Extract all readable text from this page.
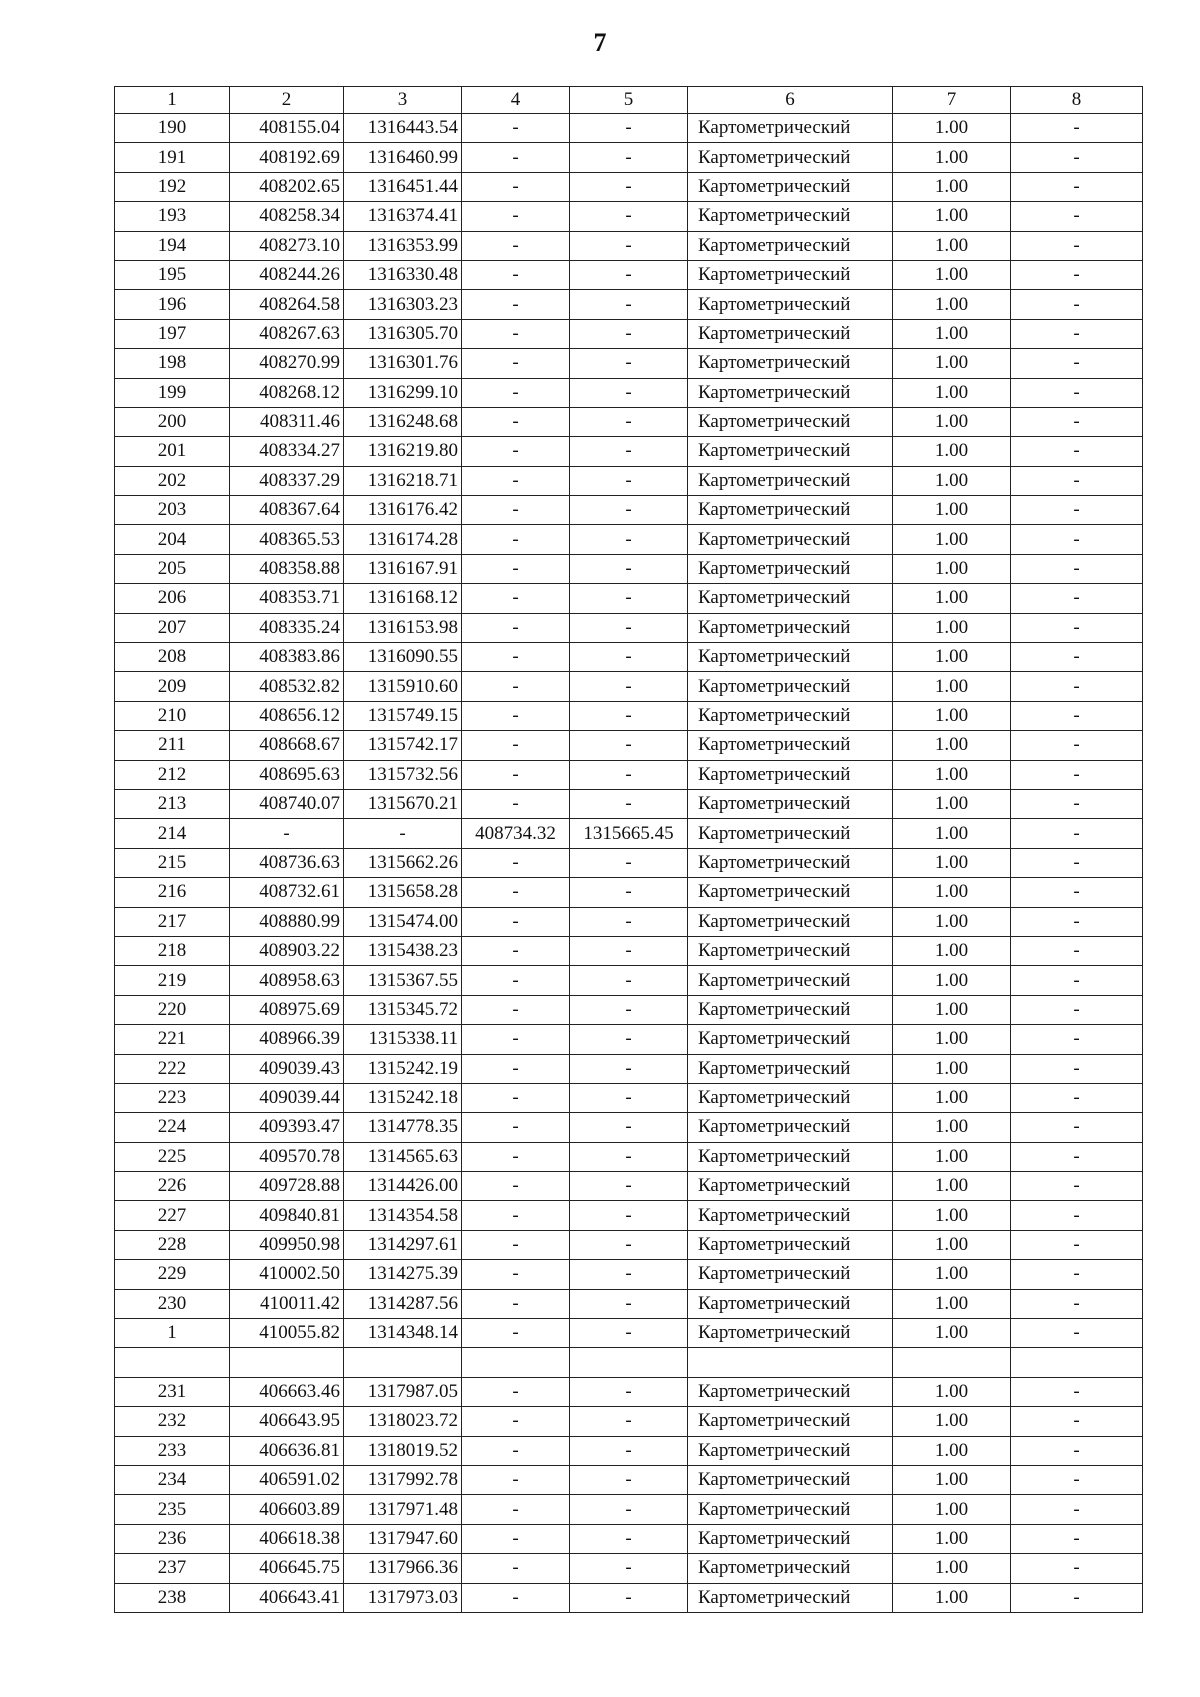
7
1	2	3	4	5	6	7	8
190	408155.04	1316443.54	-	-	Картометрический	1.00	-
191	408192.69	1316460.99	-	-	Картометрический	1.00	-
192	408202.65	1316451.44	-	-	Картометрический	1.00	-
193	408258.34	1316374.41	-	-	Картометрический	1.00	-
194	408273.10	1316353.99	-	-	Картометрический	1.00	-
195	408244.26	1316330.48	-	-	Картометрический	1.00	-
196	408264.58	1316303.23	-	-	Картометрический	1.00	-
197	408267.63	1316305.70	-	-	Картометрический	1.00	-
198	408270.99	1316301.76	-	-	Картометрический	1.00	-
199	408268.12	1316299.10	-	-	Картометрический	1.00	-
200	408311.46	1316248.68	-	-	Картометрический	1.00	-
201	408334.27	1316219.80	-	-	Картометрический	1.00	-
202	408337.29	1316218.71	-	-	Картометрический	1.00	-
203	408367.64	1316176.42	-	-	Картометрический	1.00	-
204	408365.53	1316174.28	-	-	Картометрический	1.00	-
205	408358.88	1316167.91	-	-	Картометрический	1.00	-
206	408353.71	1316168.12	-	-	Картометрический	1.00	-
207	408335.24	1316153.98	-	-	Картометрический	1.00	-
208	408383.86	1316090.55	-	-	Картометрический	1.00	-
209	408532.82	1315910.60	-	-	Картометрический	1.00	-
210	408656.12	1315749.15	-	-	Картометрический	1.00	-
211	408668.67	1315742.17	-	-	Картометрический	1.00	-
212	408695.63	1315732.56	-	-	Картометрический	1.00	-
213	408740.07	1315670.21	-	-	Картометрический	1.00	-
214	-	-	408734.32	1315665.45	Картометрический	1.00	-
215	408736.63	1315662.26	-	-	Картометрический	1.00	-
216	408732.61	1315658.28	-	-	Картометрический	1.00	-
217	408880.99	1315474.00	-	-	Картометрический	1.00	-
218	408903.22	1315438.23	-	-	Картометрический	1.00	-
219	408958.63	1315367.55	-	-	Картометрический	1.00	-
220	408975.69	1315345.72	-	-	Картометрический	1.00	-
221	408966.39	1315338.11	-	-	Картометрический	1.00	-
222	409039.43	1315242.19	-	-	Картометрический	1.00	-
223	409039.44	1315242.18	-	-	Картометрический	1.00	-
224	409393.47	1314778.35	-	-	Картометрический	1.00	-
225	409570.78	1314565.63	-	-	Картометрический	1.00	-
226	409728.88	1314426.00	-	-	Картометрический	1.00	-
227	409840.81	1314354.58	-	-	Картометрический	1.00	-
228	409950.98	1314297.61	-	-	Картометрический	1.00	-
229	410002.50	1314275.39	-	-	Картометрический	1.00	-
230	410011.42	1314287.56	-	-	Картометрический	1.00	-
1	410055.82	1314348.14	-	-	Картометрический	1.00	-

231	406663.46	1317987.05	-	-	Картометрический	1.00	-
232	406643.95	1318023.72	-	-	Картометрический	1.00	-
233	406636.81	1318019.52	-	-	Картометрический	1.00	-
234	406591.02	1317992.78	-	-	Картометрический	1.00	-
235	406603.89	1317971.48	-	-	Картометрический	1.00	-
236	406618.38	1317947.60	-	-	Картометрический	1.00	-
237	406645.75	1317966.36	-	-	Картометрический	1.00	-
238	406643.41	1317973.03	-	-	Картометрический	1.00	-
